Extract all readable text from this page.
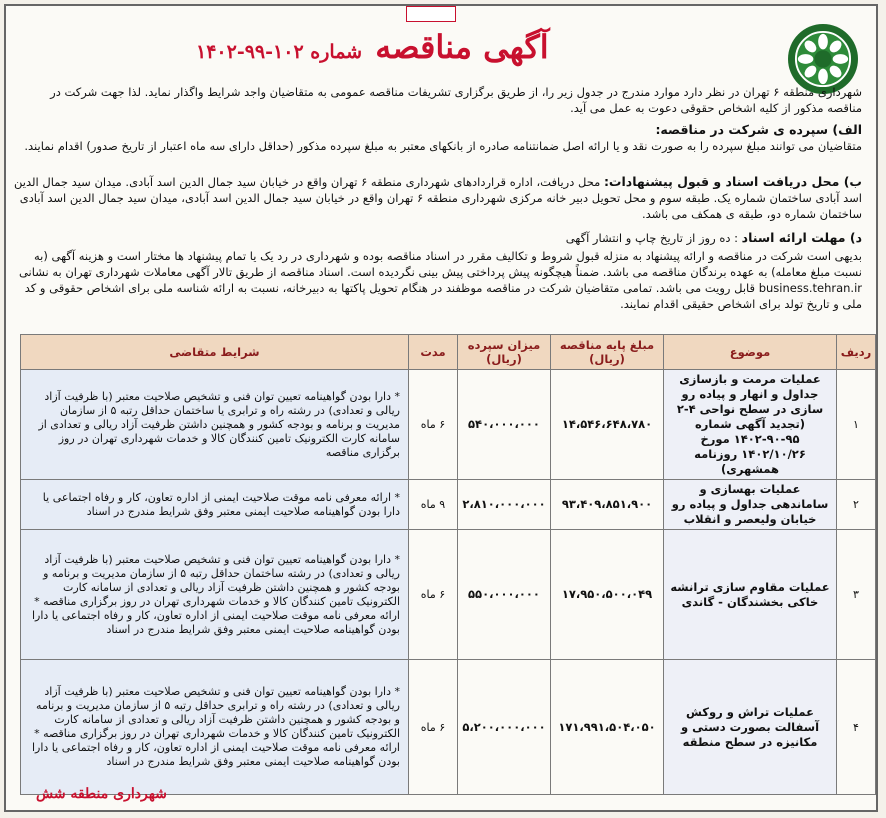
آگهی مناقصه شماره ۱۰۲-۹۹-۱۴۰۲
شهرداری منطقه ۶ تهران در نظر دارد موارد مندرج در جدول زیر را، از طریق برگزاری تشریفات مناقصه عمومی به متقاضیان واجد شرایط واگذار نماید. لذا جهت شرکت در مناقصه مذکور از کلیه اشخاص حقوقی دعوت به عمل می آید.
الف) سپرده ی شرکت در مناقصه:
متقاضیان می توانند مبلغ سپرده را به صورت نقد و یا ارائه اصل ضمانتنامه صادره از بانکهای معتبر به مبلغ سپرده مذکور (حداقل دارای سه ماه اعتبار از تاریخ صدور) اقدام نمایند.
ب) محل دریافت اسناد و قبول پیشنهادات: محل دریافت، اداره قراردادهای شهرداری منطقه ۶ تهران واقع در خیابان سید جمال الدین اسد آبادی. میدان سید جمال الدین اسد آبادی ساختمان شماره یک. طبقه سوم و محل تحویل دبیر خانه مرکزی شهرداری منطقه ۶ تهران واقع در خیابان سید جمال الدین اسد آبادی، میدان سید جمال الدین اسد آبادی ساختمان شماره دو، طبقه ی همکف می باشد.
د) مهلت ارائه اسناد : ده روز از تاریخ چاپ و انتشار آگهی
بدیهی است شرکت در مناقصه و ارائه پیشنهاد به منزله قبول شروط و تکالیف مقرر در اسناد مناقصه بوده و شهرداری در رد یک یا تمام پیشنهاد ها مختار است و هزینه آگهی (به نسبت مبلغ معامله) به عهده برندگان مناقصه می باشد. ضمناً هیچگونه پیش پرداختی پیش بینی نگردیده است. اسناد مناقصه از طریق تالار آگهی معاملات شهرداری تهران به نشانی business.tehran.ir قابل رویت می باشد. تمامی متقاضیان شرکت در مناقصه موظفند در هنگام تحویل پاکتها به دبیرخانه، نسبت به ارائه شناسه ملی برای اشخاص حقوقی و کد ملی و تاریخ تولد برای اشخاص حقیقی اقدام نمایند.
ردیف	موضوع	مبلغ پایه مناقصه (ریال)	میزان سپرده (ریال)	مدت	شرایط متقاضی
۱	عملیات مرمت و بازسازی جداول و انهار و پیاده رو سازی در سطح نواحی ۴-۲ (تجدید آگهی شماره ۹۵-۹۰-۱۴۰۲ مورخ ۱۴۰۲/۱۰/۲۶ روزنامه همشهری)	۱۴،۵۴۶،۶۴۸،۷۸۰	۵۴۰،۰۰۰،۰۰۰	۶ ماه	* دارا بودن گواهینامه تعیین توان فنی و تشخیص صلاحیت معتبر (با ظرفیت آزاد ریالی و تعدادی) در رشته راه و ترابری یا ساختمان حداقل رتبه ۵ از سازمان مدیریت و برنامه و بودجه کشور و همچنین داشتن ظرفیت آزاد ریالی و تعدادی از سامانه کارت الکترونیک تامین کنندگان کالا و خدمات شهرداری تهران در روز برگزاری مناقصه
۲	عملیات بهسازی و ساماندهی جداول و پیاده رو خیابان ولیعصر و انقلاب	۹۳،۴۰۹،۸۵۱،۹۰۰	۲،۸۱۰،۰۰۰،۰۰۰	۹ ماه	* ارائه معرفی نامه موقت صلاحیت ایمنی از اداره تعاون، کار و رفاه اجتماعی یا دارا بودن گواهینامه صلاحیت ایمنی معتبر وفق شرایط مندرج در اسناد
۳	عملیات مقاوم سازی ترانشه خاکی بخشندگان - گاندی	۱۷،۹۵۰،۵۰۰،۰۴۹	۵۵۰،۰۰۰،۰۰۰	۶ ماه	* دارا بودن گواهینامه تعیین توان فنی و تشخیص صلاحیت معتبر (با ظرفیت آزاد ریالی و تعدادی) در رشته ساختمان حداقل رتبه ۵ از سازمان مدیریت و برنامه و بودجه کشور و همچنین داشتن ظرفیت آزاد ریالی و تعدادی از سامانه کارت الکترونیک تامین کنندگان کالا و خدمات شهرداری تهران در روز برگزاری مناقصه * ارائه معرفی نامه موقت صلاحیت ایمنی از اداره تعاون، کار و رفاه اجتماعی یا دارا بودن گواهینامه صلاحیت ایمنی معتبر وفق شرایط مندرج در اسناد
۴	عملیات تراش و روکش آسفالت بصورت دستی و مکانیزه در سطح منطقه	۱۷۱،۹۹۱،۵۰۴،۰۵۰	۵،۲۰۰،۰۰۰،۰۰۰	۶ ماه	* دارا بودن گواهینامه تعیین توان فنی و تشخیص صلاحیت معتبر (با ظرفیت آزاد ریالی و تعدادی) در رشته راه و ترابری حداقل رتبه ۵ از سازمان مدیریت و برنامه و بودجه کشور و همچنین داشتن ظرفیت آزاد ریالی و تعدادی از سامانه کارت الکترونیک تامین کنندگان کالا و خدمات شهرداری تهران در روز برگزاری مناقصه * ارائه معرفی نامه موقت صلاحیت ایمنی از اداره تعاون، کار و رفاه اجتماعی یا دارا بودن گواهینامه صلاحیت ایمنی معتبر وفق شرایط مندرج در اسناد
شهرداری منطقه شش
